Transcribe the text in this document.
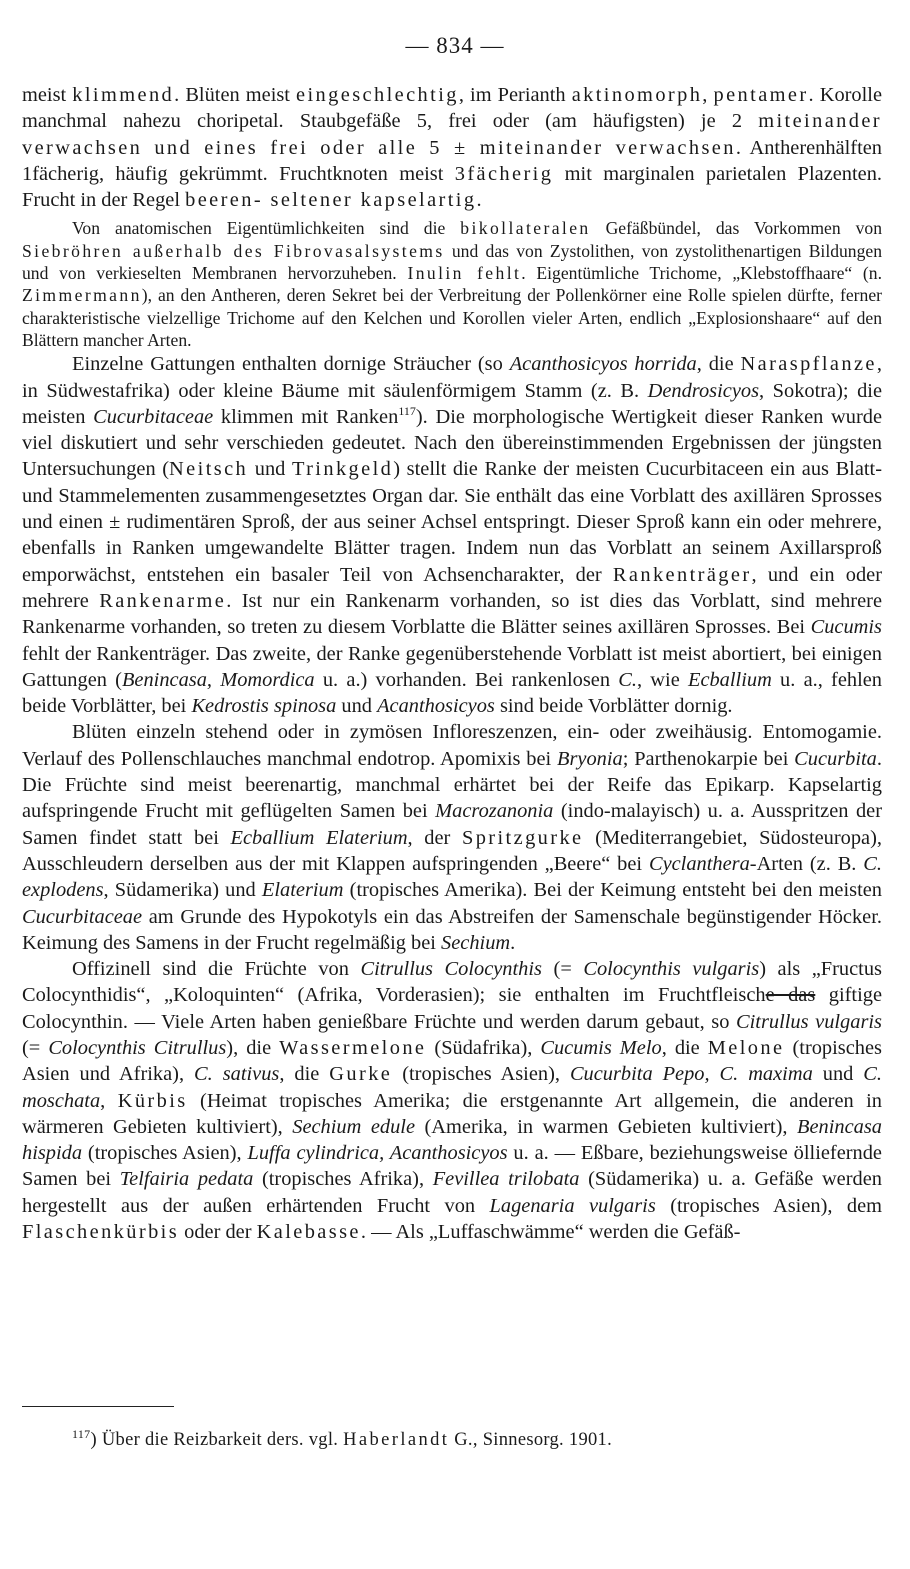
— 834 —

meist klimmend. Blüten meist eingeschlechtig, im Perianth aktinomorph, pentamer. Korolle manchmal nahezu choripetal. Staubgefäße 5, frei oder (am häufigsten) je 2 miteinander verwachsen und eines frei oder alle 5 ± miteinander verwachsen. Antherenhälften 1fächerig, häufig gekrümmt. Fruchtknoten meist 3fächerig mit marginalen parietalen Plazenten. Frucht in der Regel beeren- seltener kapselartig.

Von anatomischen Eigentümlichkeiten sind die bikollateralen Gefäßbündel, das Vorkommen von Siebröhren außerhalb des Fibrovasalsystems und das von Zystolithen, von zystolithenartigen Bildungen und von verkieselten Membranen hervorzuheben. Inulin fehlt. Eigentümliche Trichome, „Klebstoffhaare“ (n. Zimmermann), an den Antheren, deren Sekret bei der Verbreitung der Pollenkörner eine Rolle spielen dürfte, ferner charakteristische vielzellige Trichome auf den Kelchen und Korollen vieler Arten, endlich „Explosionshaare“ auf den Blättern mancher Arten.

Einzelne Gattungen enthalten dornige Sträucher (so Acanthosicyos horrida, die Naraspflanze, in Südwestafrika) oder kleine Bäume mit säulenförmigem Stamm (z. B. Dendrosicyos, Sokotra); die meisten Cucurbitaceae klimmen mit Ranken$^{117}$). Die morphologische Wertigkeit dieser Ranken wurde viel diskutiert und sehr verschieden gedeutet. Nach den übereinstimmenden Ergebnissen der jüngsten Untersuchungen (Neitsch und Trinkgeld) stellt die Ranke der meisten Cucurbitaceen ein aus Blatt- und Stammelementen zusammengesetztes Organ dar. Sie enthält das eine Vorblatt des axillären Sprosses und einen ± rudimentären Sproß, der aus seiner Achsel entspringt. Dieser Sproß kann ein oder mehrere, ebenfalls in Ranken umgewandelte Blätter tragen. Indem nun das Vorblatt an seinem Axillarsproß emporwächst, entstehen ein basaler Teil von Achsencharakter, der Rankenträger, und ein oder mehrere Rankenarme. Ist nur ein Rankenarm vorhanden, so ist dies das Vorblatt, sind mehrere Rankenarme vorhanden, so treten zu diesem Vorblatte die Blätter seines axillären Sprosses. Bei Cucumis fehlt der Rankenträger. Das zweite, der Ranke gegenüberstehende Vorblatt ist meist abortiert, bei einigen Gattungen (Benincasa, Momordica u. a.) vorhanden. Bei rankenlosen C., wie Ecballium u. a., fehlen beide Vorblätter, bei Kedrostis spinosa und Acanthosicyos sind beide Vorblätter dornig.

Blüten einzeln stehend oder in zymösen Infloreszenzen, ein- oder zweihäusig. Entomogamie. Verlauf des Pollenschlauches manchmal endotrop. Apomixis bei Bryonia; Parthenokarpie bei Cucurbita. Die Früchte sind meist beerenartig, manchmal erhärtet bei der Reife das Epikarp. Kapselartig aufspringende Frucht mit geflügelten Samen bei Macrozanonia (indo-malayisch) u. a. Ausspritzen der Samen findet statt bei Ecballium Elaterium, der Spritzgurke (Mediterrangebiet, Südosteuropa), Ausschleudern derselben aus der mit Klappen aufspringenden „Beere“ bei Cyclanthera-Arten (z. B. C. explodens, Südamerika) und Elaterium (tropisches Amerika). Bei der Keimung entsteht bei den meisten Cucurbitaceae am Grunde des Hypokotyls ein das Abstreifen der Samenschale begünstigender Höcker. Keimung des Samens in der Frucht regelmäßig bei Sechium.

Offizinell sind die Früchte von Citrullus Colocynthis (= Colocynthis vulgaris) als „Fructus Colocynthidis“, „Koloquinten“ (Afrika, Vorderasien); sie enthalten im Fruchtfleische das giftige Colocynthin. — Viele Arten haben genießbare Früchte und werden darum gebaut, so Citrullus vulgaris (= Colocynthis Citrullus), die Wassermelone (Südafrika), Cucumis Melo, die Melone (tropisches Asien und Afrika), C. sativus, die Gurke (tropisches Asien), Cucurbita Pepo, C. maxima und C. moschata, Kürbis (Heimat tropisches Amerika; die erstgenannte Art allgemein, die anderen in wärmeren Gebieten kultiviert), Sechium edule (Amerika, in warmen Gebieten kultiviert), Benincasa hispida (tropisches Asien), Luffa cylindrica, Acanthosicyos u. a. — Eßbare, beziehungsweise ölliefernde Samen bei Telfairia pedata (tropisches Afrika), Fevillea trilobata (Südamerika) u. a. Gefäße werden hergestellt aus der außen erhärtenden Frucht von Lagenaria vulgaris (tropisches Asien), dem Flaschenkürbis oder der Kalebasse. — Als „Luffaschwämme“ werden die Gefäß-

$^{117}$) Über die Reizbarkeit ders. vgl. Haberlandt G., Sinnesorg. 1901.
